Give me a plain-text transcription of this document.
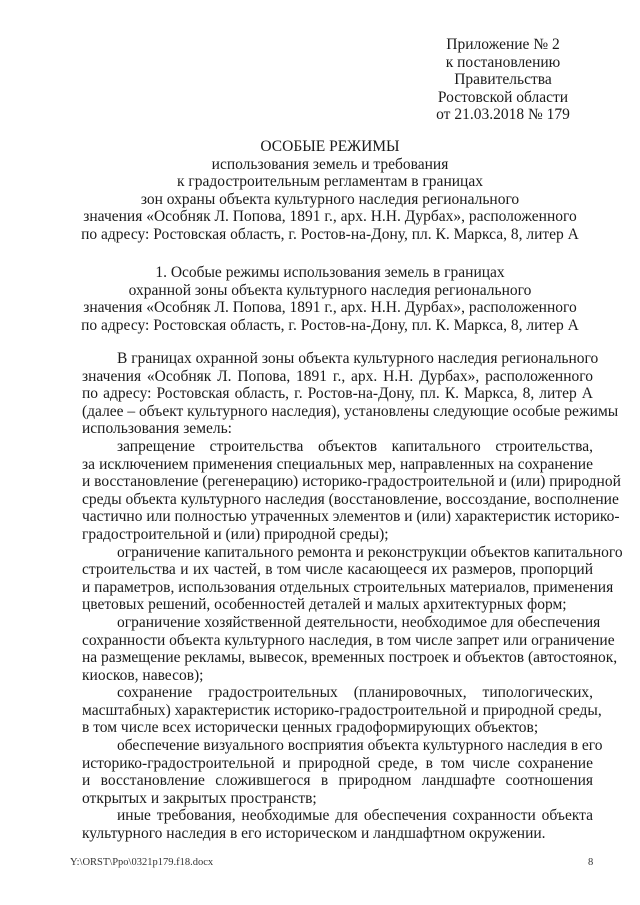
Приложение № 2
к постановлению
Правительства
Ростовской области
от 21.03.2018 № 179
ОСОБЫЕ РЕЖИМЫ
использования земель и требования
к градостроительным регламентам в границах
зон охраны объекта культурного наследия регионального
значения «Особняк Л. Попова, 1891 г., арх. Н.Н. Дурбах», расположенного
по адресу: Ростовская область, г. Ростов-на-Дону, пл. К. Маркса, 8, литер А
1. Особые режимы использования земель в границах
охранной зоны объекта культурного наследия регионального
значения «Особняк Л. Попова, 1891 г., арх. Н.Н. Дурбах», расположенного
по адресу: Ростовская область, г. Ростов-на-Дону, пл. К. Маркса, 8, литер А
В границах охранной зоны объекта культурного наследия регионального
значения «Особняк Л. Попова, 1891 г., арх. Н.Н. Дурбах», расположенного
по адресу: Ростовская область, г. Ростов-на-Дону, пл. К. Маркса, 8, литер А
(далее – объект культурного наследия), установлены следующие особые режимы
использования земель:
запрещение строительства объектов капитального строительства,
за исключением применения специальных мер, направленных на сохранение
и восстановление (регенерацию) историко-градостроительной и (или) природной
среды объекта культурного наследия (восстановление, воссоздание, восполнение
частично или полностью утраченных элементов и (или) характеристик историко-
градостроительной и (или) природной среды);
ограничение капитального ремонта и реконструкции объектов капитального
строительства и их частей, в том числе касающееся их размеров, пропорций
и параметров, использования отдельных строительных материалов, применения
цветовых решений, особенностей деталей и малых архитектурных форм;
ограничение хозяйственной деятельности, необходимое для обеспечения
сохранности объекта культурного наследия, в том числе запрет или ограничение
на размещение рекламы, вывесок, временных построек и объектов (автостоянок,
киосков, навесов);
сохранение градостроительных (планировочных, типологических,
масштабных) характеристик историко-градостроительной и природной среды,
в том числе всех исторически ценных градоформирующих объектов;
обеспечение визуального восприятия объекта культурного наследия в его
историко-градостроительной и природной среде, в том числе сохранение
и восстановление сложившегося в природном ландшафте соотношения
открытых и закрытых пространств;
иные требования, необходимые для обеспечения сохранности объекта
культурного наследия в его историческом и ландшафтном окружении.
Y:\ORST\Ppo\0321p179.f18.docx	8
